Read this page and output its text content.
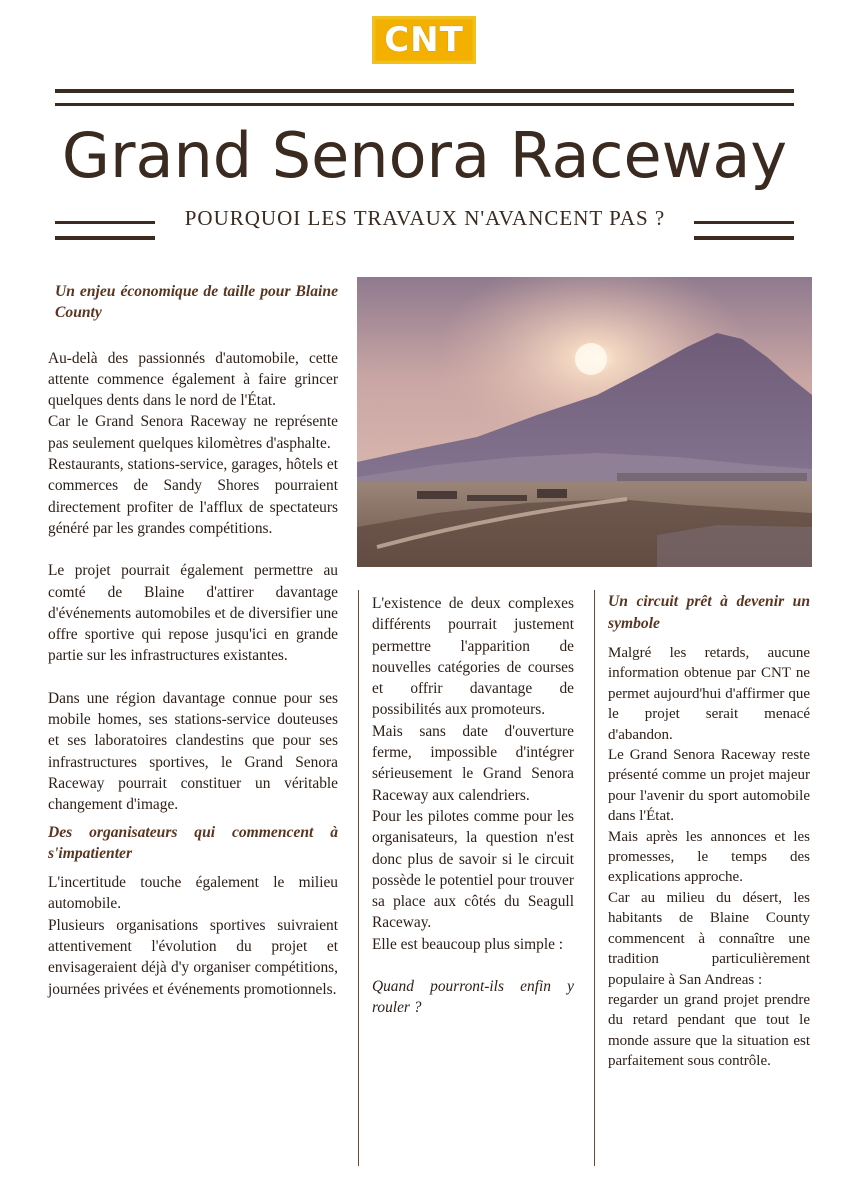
CNT
Grand Senora Raceway
POURQUOI LES TRAVAUX N'AVANCENT PAS ?
Un enjeu économique de taille pour Blaine County

Au-delà des passionnés d'automobile, cette attente commence également à faire grincer quelques dents dans le nord de l'État.

Car le Grand Senora Raceway ne représente pas seulement quelques kilomètres d'asphalte.

Restaurants, stations-service, garages, hôtels et commerces de Sandy Shores pourraient directement profiter de l'afflux de spectateurs généré par les grandes compétitions.

Le projet pourrait également permettre au comté de Blaine d'attirer davantage d'événements automobiles et de diversifier une offre sportive qui repose jusqu'ici en grande partie sur les infrastructures existantes.

Dans une région davantage connue pour ses mobile homes, ses stations-service douteuses et ses laboratoires clandestins que pour ses infrastructures sportives, le Grand Senora Raceway pourrait constituer un véritable changement d'image.

Des organisateurs qui commencent à s'impatienter

L'incertitude touche également le milieu automobile.

Plusieurs organisations sportives suivraient attentivement l'évolution du projet et envisageraient déjà d'y organiser compétitions, journées privées et événements promotionnels.

L'existence de deux complexes différents pourrait justement permettre l'apparition de nouvelles catégories de courses et offrir davantage de possibilités aux promoteurs.

Mais sans date d'ouverture ferme, impossible d'intégrer sérieusement le Grand Senora Raceway aux calendriers.

Pour les pilotes comme pour les organisateurs, la question n'est donc plus de savoir si le circuit possède le potentiel pour trouver sa place aux côtés du Seagull Raceway.

Elle est beaucoup plus simple :

Quand pourront-ils enfin y rouler ?

Un circuit prêt à devenir un symbole

Malgré les retards, aucune information obtenue par CNT ne permet aujourd'hui d'affirmer que le projet serait menacé d'abandon.

Le Grand Senora Raceway reste présenté comme un projet majeur pour l'avenir du sport automobile dans l'État.

Mais après les annonces et les promesses, le temps des explications approche.

Car au milieu du désert, les habitants de Blaine County commencent à connaître une tradition particulièrement populaire à San Andreas :

regarder un grand projet prendre du retard pendant que tout le monde assure que la situation est parfaitement sous contrôle.
